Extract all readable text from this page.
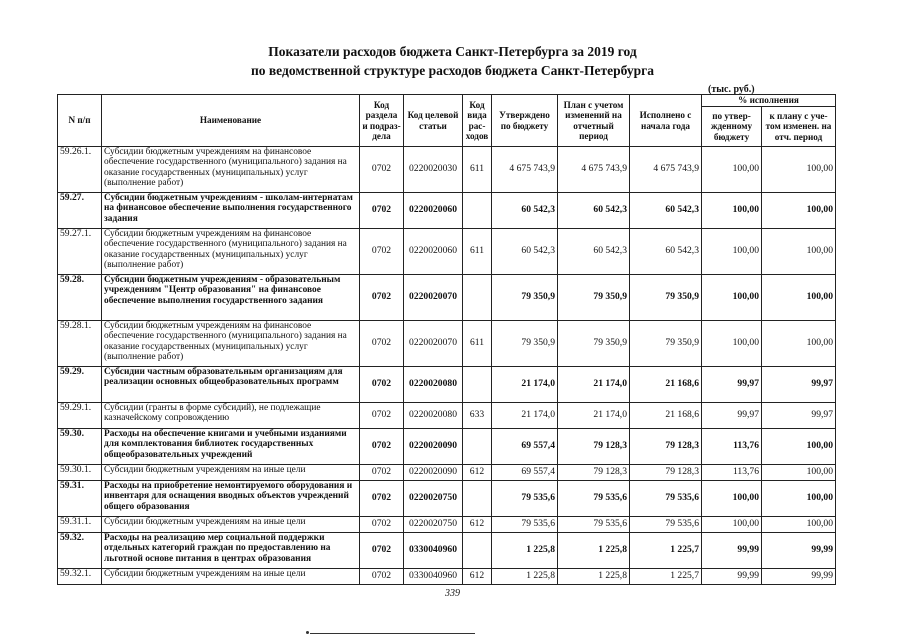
Показатели расходов бюджета Санкт-Петербурга за 2019 год
по ведомственной структуре расходов бюджета Санкт-Петербурга
(тыс. руб.)
N п/п	Наименование	Код раздела и подраз-дела	Код целевой статьи	Код вида рас-ходов	Утверждено по бюджету	План с учетом изменений на отчетный период	Исполнено с начала года	% исполнения	
								по утвер-жденному бюджету	к плану с уче-том изменен. на отч. период
59.26.1.	Субсидии бюджетным учреждениям на финансовое обеспечение государственного (муниципального) задания на оказание государственных (муниципальных) услуг (выполнение работ)	0702	0220020030	611	4 675 743,9	4 675 743,9	4 675 743,9	100,00	100,00
59.27.	Субсидии бюджетным учреждениям - школам-интернатам на финансовое обеспечение выполнения государственного задания	0702	0220020060		60 542,3	60 542,3	60 542,3	100,00	100,00
59.27.1.	Субсидии бюджетным учреждениям на финансовое обеспечение государственного (муниципального) задания на оказание государственных (муниципальных) услуг (выполнение работ)	0702	0220020060	611	60 542,3	60 542,3	60 542,3	100,00	100,00
59.28.	Субсидии бюджетным учреждениям - образовательным учреждениям "Центр образования" на финансовое обеспечение выполнения государственного задания	0702	0220020070		79 350,9	79 350,9	79 350,9	100,00	100,00
59.28.1.	Субсидии бюджетным учреждениям на финансовое обеспечение государственного (муниципального) задания на оказание государственных (муниципальных) услуг (выполнение работ)	0702	0220020070	611	79 350,9	79 350,9	79 350,9	100,00	100,00
59.29.	Субсидии частным образовательным организациям для реализации основных общеобразовательных программ	0702	0220020080		21 174,0	21 174,0	21 168,6	99,97	99,97
59.29.1.	Субсидии (гранты в форме субсидий), не подлежащие казначейскому сопровождению	0702	0220020080	633	21 174,0	21 174,0	21 168,6	99,97	99,97
59.30.	Расходы на обеспечение книгами и учебными изданиями для комплектования библиотек государственных общеобразовательных учреждений	0702	0220020090		69 557,4	79 128,3	79 128,3	113,76	100,00
59.30.1.	Субсидии бюджетным учреждениям на иные цели	0702	0220020090	612	69 557,4	79 128,3	79 128,3	113,76	100,00
59.31.	Расходы на приобретение немонтируемого оборудования и инвентаря для оснащения вводных объектов учреждений общего образования	0702	0220020750		79 535,6	79 535,6	79 535,6	100,00	100,00
59.31.1.	Субсидии бюджетным учреждениям на иные цели	0702	0220020750	612	79 535,6	79 535,6	79 535,6	100,00	100,00
59.32.	Расходы на реализацию мер социальной поддержки отдельных категорий граждан по предоставлению на льготной основе питания в центрах образования	0702	0330040960		1 225,8	1 225,8	1 225,7	99,99	99,99
59.32.1.	Субсидии бюджетным учреждениям на иные цели	0702	0330040960	612	1 225,8	1 225,8	1 225,7	99,99	99,99
339
